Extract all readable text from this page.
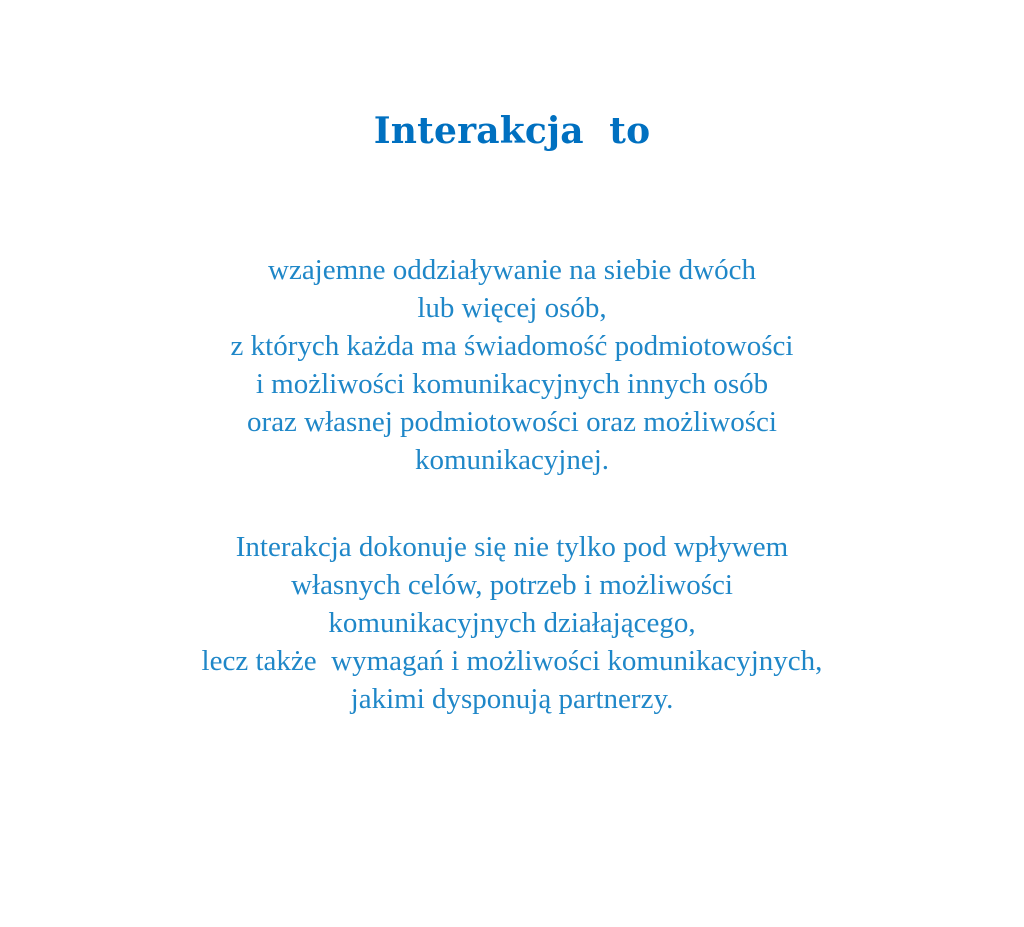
Interakcja  to
wzajemne oddziaływanie na siebie dwóch
lub więcej osób,
z których każda ma świadomość podmiotowości
i możliwości komunikacyjnych innych osób
oraz własnej podmiotowości oraz możliwości
komunikacyjnej.
Interakcja dokonuje się nie tylko pod wpływem
własnych celów, potrzeb i możliwości
komunikacyjnych działającego,
lecz także  wymagań i możliwości komunikacyjnych,
jakimi dysponują partnerzy.
